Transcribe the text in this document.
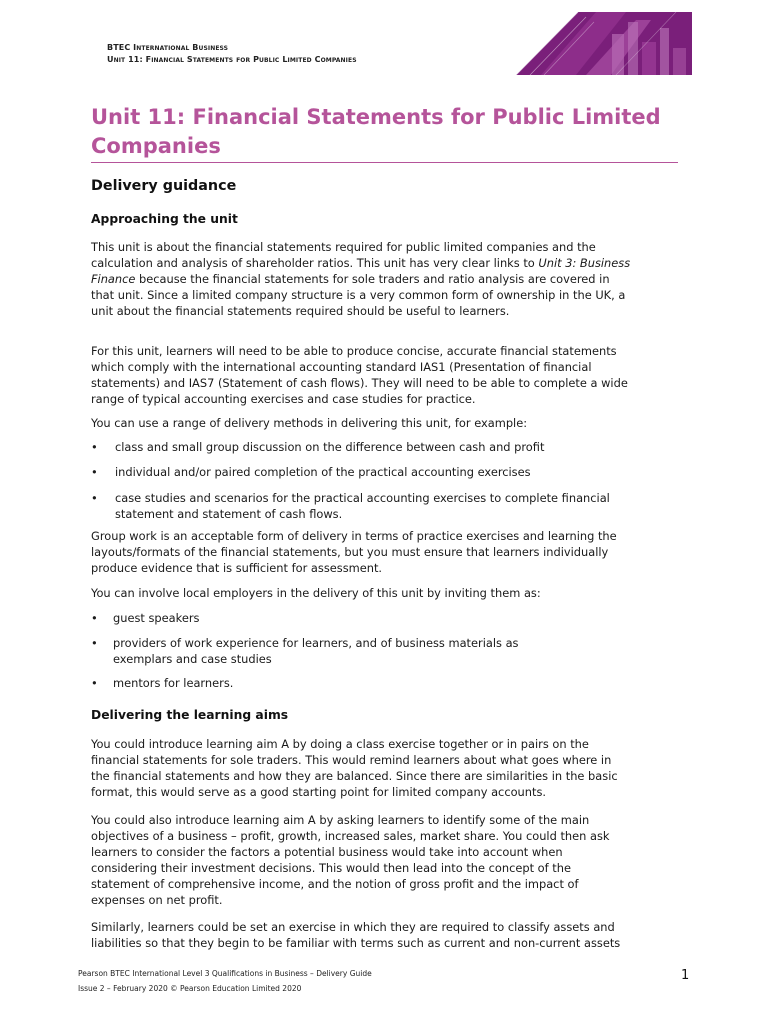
BTEC International Business
Unit 11: Financial Statements for Public Limited Companies
Unit 11: Financial Statements for Public Limited Companies
Delivery guidance
Approaching the unit
This unit is about the financial statements required for public limited companies and the calculation and analysis of shareholder ratios. This unit has very clear links to Unit 3: Business Finance because the financial statements for sole traders and ratio analysis are covered in that unit. Since a limited company structure is a very common form of ownership in the UK, a unit about the financial statements required should be useful to learners.
For this unit, learners will need to be able to produce concise, accurate financial statements which comply with the international accounting standard IAS1 (Presentation of financial statements) and IAS7 (Statement of cash flows). They will need to be able to complete a wide range of typical accounting exercises and case studies for practice.
You can use a range of delivery methods in delivering this unit, for example:
•	class and small group discussion on the difference between cash and profit
•	individual and/or paired completion of the practical accounting exercises
•	case studies and scenarios for the practical accounting exercises to complete financial statement and statement of cash flows.
Group work is an acceptable form of delivery in terms of practice exercises and learning the layouts/formats of the financial statements, but you must ensure that learners individually produce evidence that is sufficient for assessment.
You can involve local employers in the delivery of this unit by inviting them as:
•	guest speakers
•	providers of work experience for learners, and of business materials as exemplars and case studies
•	mentors for learners.
Delivering the learning aims
You could introduce learning aim A by doing a class exercise together or in pairs on the financial statements for sole traders. This would remind learners about what goes where in the financial statements and how they are balanced. Since there are similarities in the basic format, this would serve as a good starting point for limited company accounts.
You could also introduce learning aim A by asking learners to identify some of the main objectives of a business – profit, growth, increased sales, market share. You could then ask learners to consider the factors a potential business would take into account when considering their investment decisions. This would then lead into the concept of the statement of comprehensive income, and the notion of gross profit and the impact of expenses on net profit.
Similarly, learners could be set an exercise in which they are required to classify assets and liabilities so that they begin to be familiar with terms such as current and non-current assets
Pearson BTEC International Level 3 Qualifications in Business – Delivery Guide
Issue 2 – February 2020 © Pearson Education Limited 2020
1
